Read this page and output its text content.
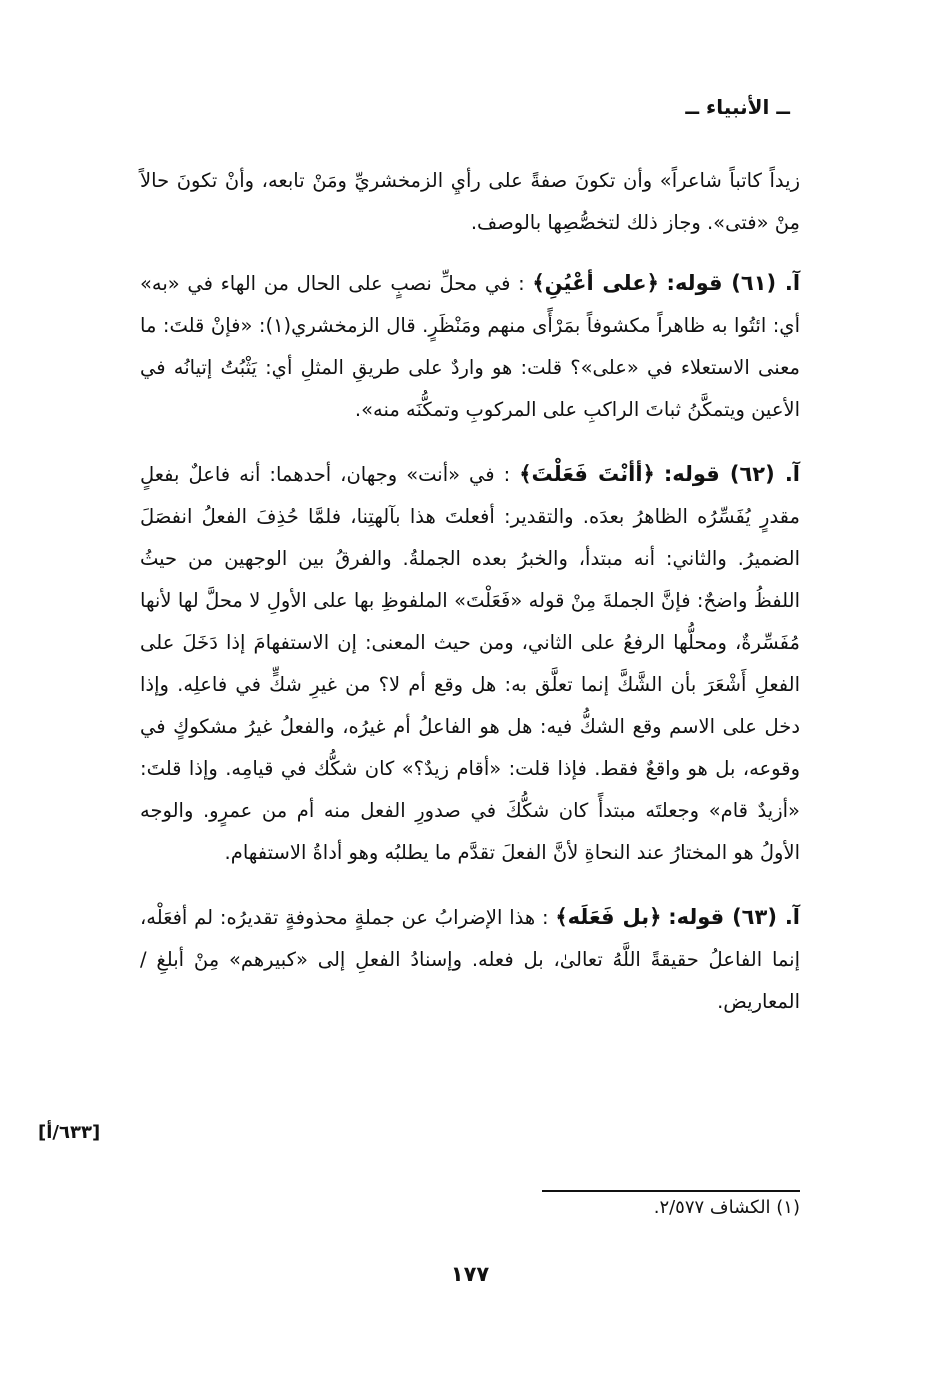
ــ الأنبياء ــ

زيداً كاتباً شاعراً» وأن تكونَ صفةً على رأيِ الزمخشريِّ ومَنْ تابعه، وأنْ تكونَ حالاً مِنْ «فتى». وجاز ذلك لتخصُّصِها بالوصف.

آ. (٦١) قوله: ﴿على أعْيُنِ﴾ : في محلِّ نصبٍ على الحال من الهاء في «به» أي: ائتُوا به ظاهراً مكشوفاً بمَرْأًى منهم ومَنْظَرٍ. قال الزمخشري(١): «فإنْ قلتَ: ما معنى الاستعلاء في «على»؟ قلت: هو واردٌ على طريقِ المثلِ أي: يَثْبُتُ إتيانُه في الأعين ويتمكَّنُ ثباتَ الراكبِ على المركوبِ وتمكُّنَه منه».

آ. (٦٢) قوله: ﴿أأنْتَ فَعَلْتَ﴾ : في «أنت» وجهان، أحدهما: أنه فاعلٌ بفعلٍ مقدرٍ يُفَسِّرُه الظاهرُ بعدَه. والتقدير: أفعلتَ هذا بآلهتِنا، فلمَّا حُذِفَ الفعلُ انفصَلَ الضميرُ. والثاني: أنه مبتدأ، والخبرُ بعده الجملةُ. والفرقُ بين الوجهين من حيثُ اللفظُ واضحٌ: فإنَّ الجملةَ مِنْ قوله «فَعَلْتَ» الملفوظِ بها على الأولِ لا محلَّ لها لأنها مُفَسِّرةٌ، ومحلُّها الرفعُ على الثاني، ومن حيث المعنى: إن الاستفهامَ إذا دَخَلَ على الفعلِ أَشْعَرَ بأن الشَّكَّ إنما تعلَّق به: هل وقع أم لا؟ من غيرِ شكٍّ في فاعلِه. وإذا دخل على الاسم وقع الشكُّ فيه: هل هو الفاعلُ أم غيرُه، والفعلُ غيرُ مشكوكٍ في وقوعه، بل هو واقعٌ فقط. فإذا قلت: «أقام زيدٌ؟» كان شكُّك في قيامِه. وإذا قلتَ: «أزيدٌ قام» وجعلتَه مبتدأً كان شكُّكَ في صدورِ الفعل منه أم من عمرٍو. والوجه الأولُ هو المختارُ عند النحاةِ لأنَّ الفعلَ تقدَّم ما يطلبُه وهو أداةُ الاستفهام.

آ. (٦٣) قوله: ﴿بل فَعَلَه﴾ : هذا الإضرابُ عن جملةٍ محذوفةٍ تقديرُه: لم أفعَلْه، إنما الفاعلُ حقيقةً اللَّهُ تعالىٰ، بل فعله. وإسنادُ الفعلِ إلى «كبيرهم» مِنْ أبلغِ / المعاريض.

[٦٣٣/أ]
(١) الكشاف ٢/٥٧٧.
١٧٧
